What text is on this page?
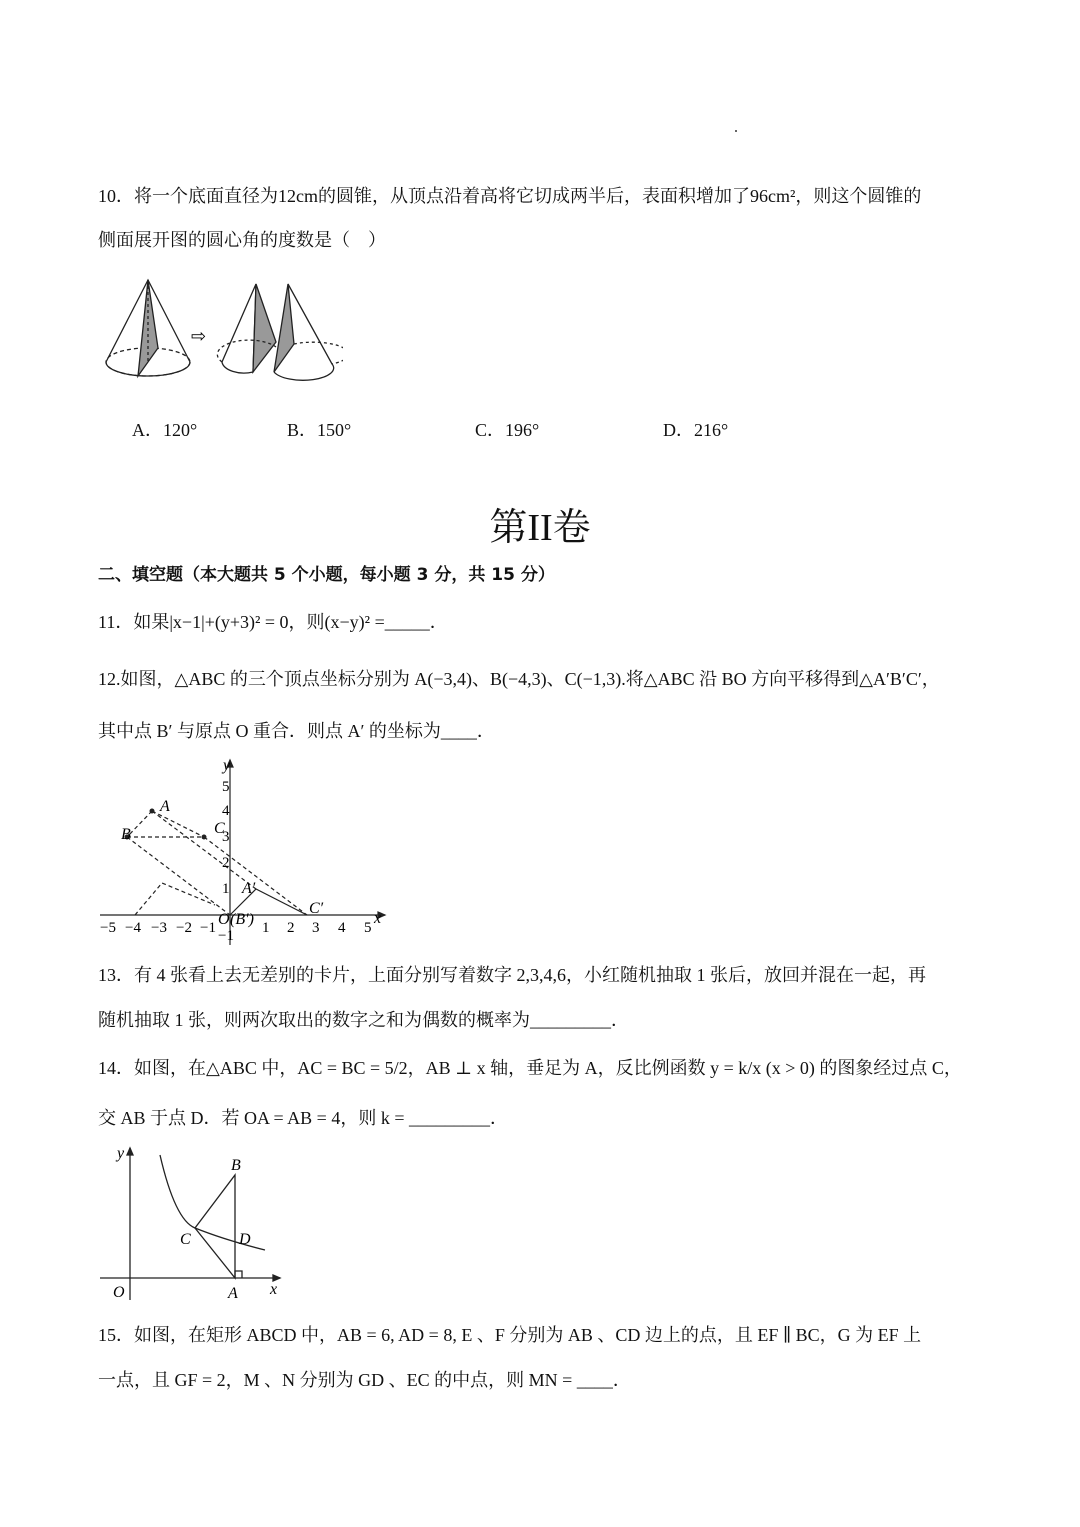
10．将一个底面直径为12cm的圆锥，从顶点沿着高将它切成两半后，表面积增加了96cm²，则这个圆锥的
侧面展开图的圆心角的度数是（　）
⇨
A．120°	B．150°	C．196°	D．216°
第II卷
二、填空题（本大题共 5 个小题，每小题 3 分，共 15 分）
11．如果|x−1|+(y+3)² = 0，则(x−y)² =_____．
12.如图，△ABC 的三个顶点坐标分别为 A(−3,4)、B(−4,3)、C(−1,3).将△ABC 沿 BO 方向平移得到△A′B′C′，
其中点 B′ 与原点 O 重合．则点 A′ 的坐标为____．
−5 −4 −3 −2 −1	1 2 3 4 5
x
5
4
3
2
1
−1
y
A
B	C
A′
C′
O (B′)
13．有 4 张看上去无差别的卡片，上面分别写着数字 2,3,4,6，小红随机抽取 1 张后，放回并混在一起，再
随机抽取 1 张，则两次取出的数字之和为偶数的概率为_________．
14．如图，在△ABC 中，AC = BC = 5/2，AB ⊥ x 轴，垂足为 A，反比例函数 y = k/x (x > 0) 的图象经过点 C，
交 AB 于点 D．若 OA = AB = 4，则 k = _________．
y
x
O	A
B
C	D
15．如图，在矩形 ABCD 中，AB = 6, AD = 8, E 、F 分别为 AB 、CD 边上的点，且 EF ∥ BC，G 为 EF 上
一点，且 GF = 2，M 、N 分别为 GD 、EC 的中点，则 MN = ____．
